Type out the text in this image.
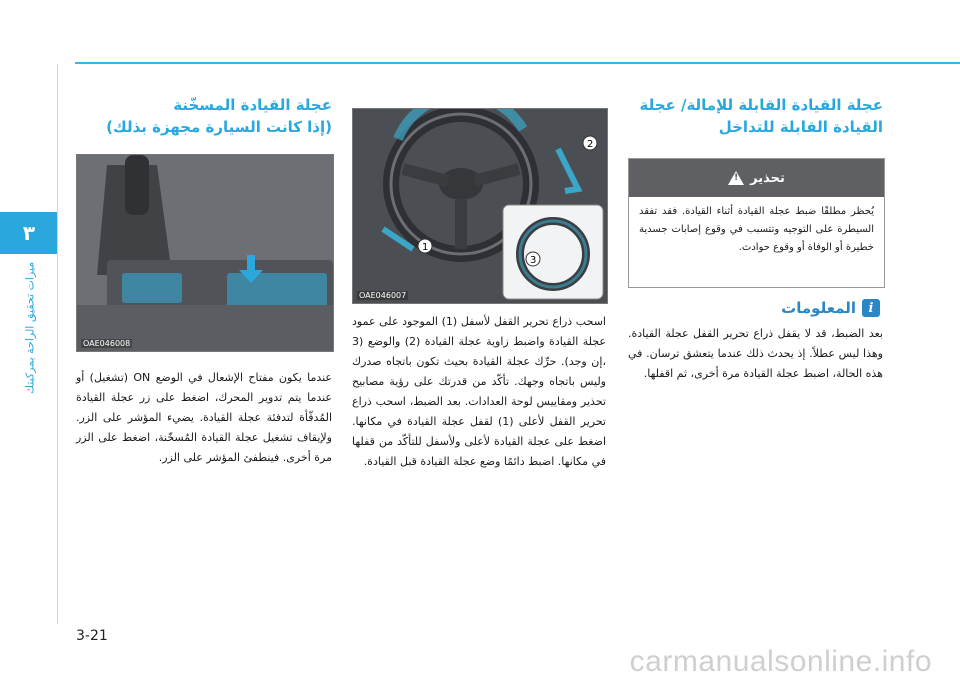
٣
ميزات تحقيق الراحة بمركبتك
عجلة القيادة القابلة للإمالة/ عجلة
القيادة القابلة للتداخل
تحذير
!
يُحظر مطلقًا ضبط عجلة القيادة أثناء القيادة. فقد تفقد السيطرة على التوجيه وتتسبب في وقوع إصابات جسدية خطيرة أو الوفاة أو وقوع حوادث.
i
المعلومات
بعد الضبط، قد لا يقفل ذراع تحرير القفل عجلة القيادة. وهذا ليس عطلاً. إذ يحدث ذلك عندما يتعشق ترسان. في هذه الحالة، اضبط عجلة القيادة مرة أخرى، ثم اقفلها.
1
2
3
OAE046007
اسحب ذراع تحرير القفل لأسفل (1) الموجود على عمود عجلة القيادة واضبط زاوية عجلة القيادة (2) والوضع (3 ،إن وجد). حرِّك عجلة القيادة بحيث تكون باتجاه صدرك وليس باتجاه وجهك. تأكّد من قدرتك على رؤية مصابيح تحذير ومقاييس لوحة العدادات. بعد الضبط، اسحب ذراع تحرير القفل لأعلى (1) لقفل عجلة القيادة في مكانها. اضغط على عجلة القيادة لأعلى ولأسفل للتأكّد من قفلها في مكانها. اضبط دائمًا وضع عجلة القيادة قبل القيادة.
عجلة القيادة المسخّنة
(إذا كانت السيارة مجهزة بذلك)
OAE046008
عندما يكون مفتاح الإشعال في الوضع ON (تشغيل) أو عندما يتم تدوير المحرك، اضغط على زر عجلة القيادة المُدفّأة لتدفئة عجلة القيادة. يضيء المؤشر على الزر. ولإيقاف تشغيل عجلة القيادة المُسخّنة، اضغط على الزر مرة أخرى. فينطفئ المؤشر على الزر.
3-21
carmanualsonline.info
